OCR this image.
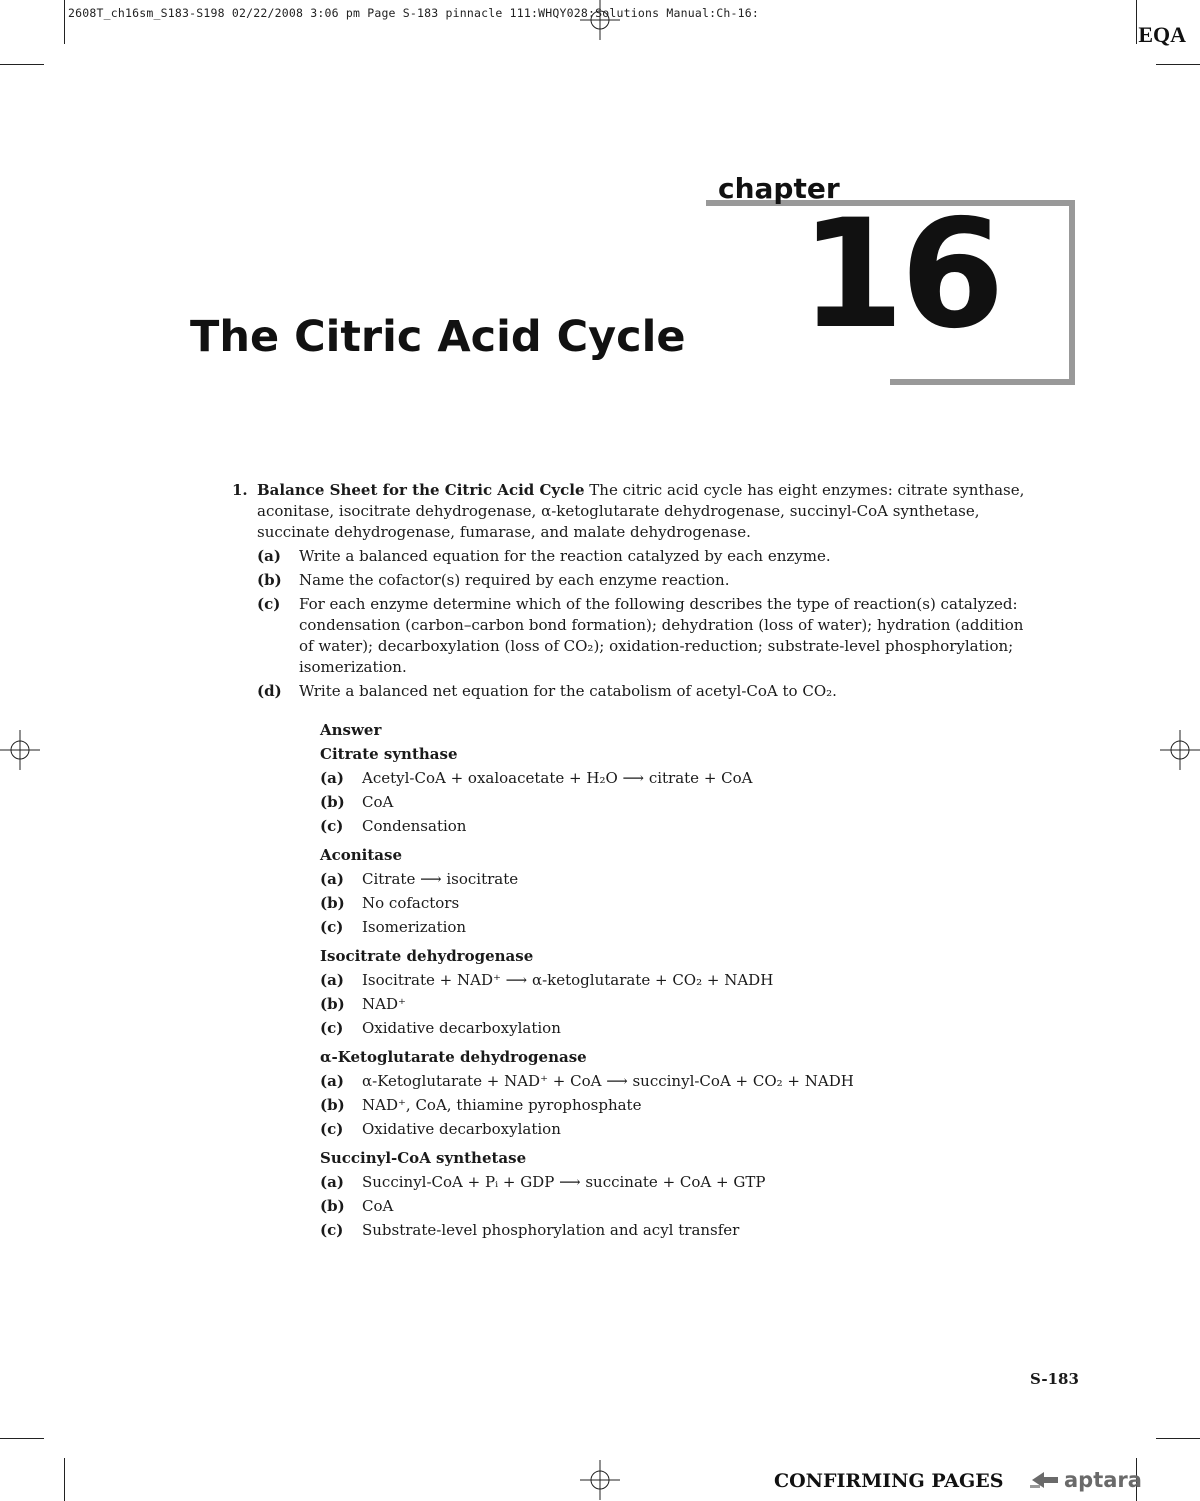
2608T_ch16sm_S183-S198 02/22/2008 3:06 pm Page S-183 pinnacle 111:WHQY028:Solutions Manual:Ch-16:
EQA
chapter
16
The Citric Acid Cycle
1. Balance Sheet for the Citric Acid Cycle The citric acid cycle has eight enzymes: citrate synthase, aconitase, isocitrate dehydrogenase, α-ketoglutarate dehydrogenase, succinyl-CoA synthetase, succinate dehydrogenase, fumarase, and malate dehydrogenase.
(a)	Write a balanced equation for the reaction catalyzed by each enzyme.
(b)	Name the cofactor(s) required by each enzyme reaction.
(c)	For each enzyme determine which of the following describes the type of reaction(s) catalyzed: condensation (carbon–carbon bond formation); dehydration (loss of water); hydration (addition of water); decarboxylation (loss of CO₂); oxidation-reduction; substrate-level phosphorylation; isomerization.
(d)	Write a balanced net equation for the catabolism of acetyl-CoA to CO₂.
Answer
Citrate synthase
(a)	Acetyl-CoA + oxaloacetate + H₂O ⟶ citrate + CoA
(b)	CoA
(c)	Condensation
Aconitase
(a)	Citrate ⟶ isocitrate
(b)	No cofactors
(c)	Isomerization
Isocitrate dehydrogenase
(a)	Isocitrate + NAD⁺ ⟶ α-ketoglutarate + CO₂ + NADH
(b)	NAD⁺
(c)	Oxidative decarboxylation
α-Ketoglutarate dehydrogenase
(a)	α-Ketoglutarate + NAD⁺ + CoA ⟶ succinyl-CoA + CO₂ + NADH
(b)	NAD⁺, CoA, thiamine pyrophosphate
(c)	Oxidative decarboxylation
Succinyl-CoA synthetase
(a)	Succinyl-CoA + Pᵢ + GDP ⟶ succinate + CoA + GTP
(b)	CoA
(c)	Substrate-level phosphorylation and acyl transfer
S-183
CONFIRMING PAGES	aptara
